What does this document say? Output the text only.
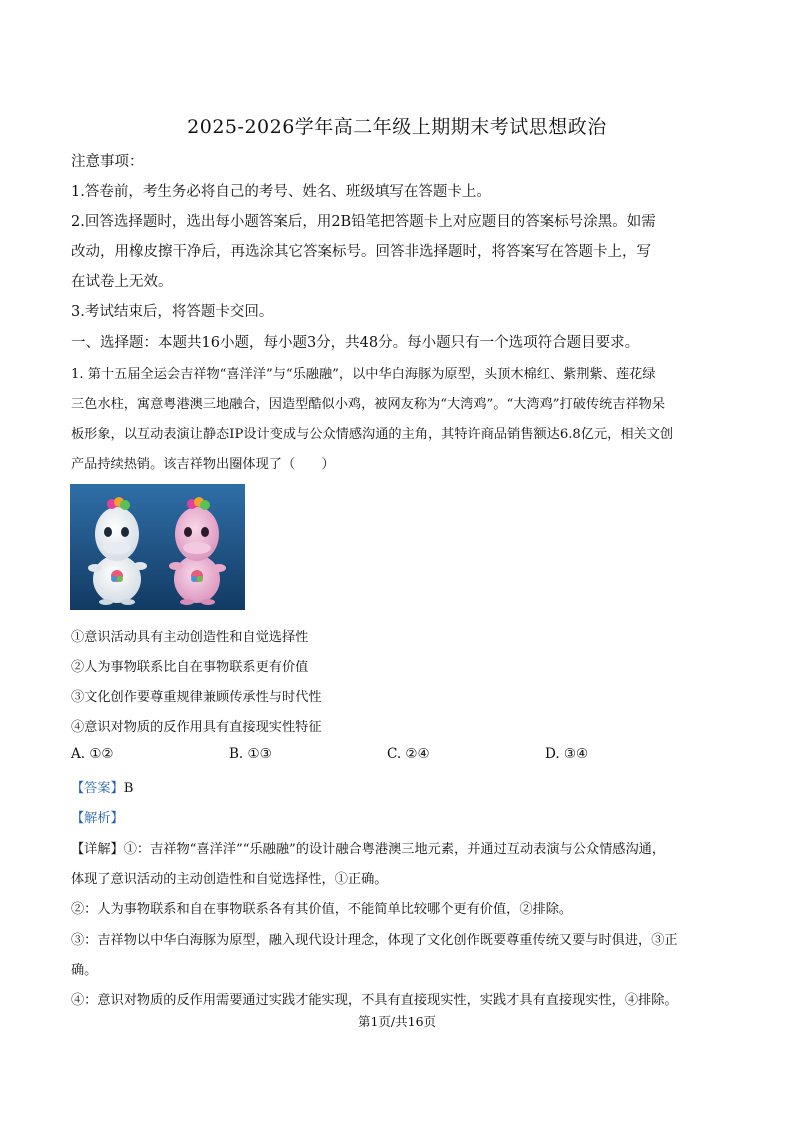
2025-2026学年高二年级上期期末考试思想政治
注意事项：
1.答卷前，考生务必将自己的考号、姓名、班级填写在答题卡上。
2.回答选择题时，选出每小题答案后，用2B铅笔把答题卡上对应题目的答案标号涂黑。如需
改动，用橡皮擦干净后，再选涂其它答案标号。回答非选择题时，将答案写在答题卡上，写
在试卷上无效。
3.考试结束后，将答题卡交回。
一、选择题：本题共16小题，每小题3分，共48分。每小题只有一个选项符合题目要求。
1. 第十五届全运会吉祥物“喜洋洋”与“乐融融”，以中华白海豚为原型，头顶木棉红、紫荆紫、莲花绿
三色水柱，寓意粤港澳三地融合，因造型酷似小鸡，被网友称为“大湾鸡”。“大湾鸡”打破传统吉祥物呆
板形象，以互动表演让静态IP设计变成与公众情感沟通的主角，其特许商品销售额达6.8亿元，相关文创
产品持续热销。该吉祥物出圈体现了（　　）
①意识活动具有主动创造性和自觉选择性
②人为事物联系比自在事物联系更有价值
③文化创作要尊重规律兼顾传承性与时代性
④意识对物质的反作用具有直接现实性特征
A. ①②	B. ①③	C. ②④	D. ③④
【答案】B
【解析】
【详解】①：吉祥物“喜洋洋”“乐融融”的设计融合粤港澳三地元素，并通过互动表演与公众情感沟通，
体现了意识活动的主动创造性和自觉选择性，①正确。
②：人为事物联系和自在事物联系各有其价值，不能简单比较哪个更有价值，②排除。
③：吉祥物以中华白海豚为原型，融入现代设计理念，体现了文化创作既要尊重传统又要与时俱进，③正
确。
④：意识对物质的反作用需要通过实践才能实现，不具有直接现实性，实践才具有直接现实性，④排除。
第1页/共16页
